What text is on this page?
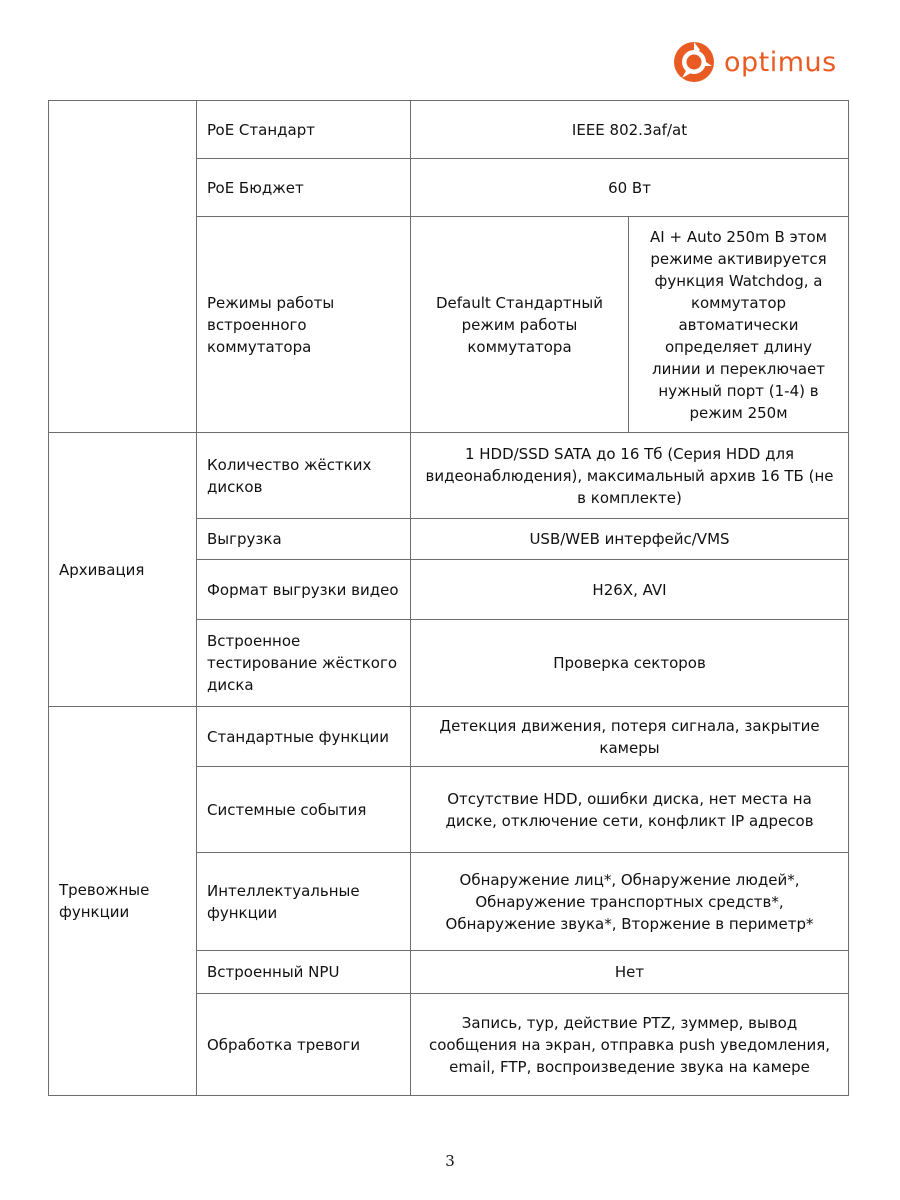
optimus
	PoE Стандарт	IEEE 802.3af/at	
	PoE Бюджет	60 Вт	
	Режимы работы встроенного коммутатора	Default Стандартный режим работы коммутатора	AI + Auto 250m В этом режиме активируется функция Watchdog, а коммутатор автоматически определяет длину линии и переключает нужный порт (1-4) в режим 250м
Архивация	Количество жёстких дисков	1 HDD/SSD SATA до 16 Тб (Серия HDD для видеонаблюдения), максимальный архив 16 ТБ (не в комплекте)	
	Выгрузка	USB/WEB интерфейс/VMS	
	Формат выгрузки видео	H26X, AVI	
	Встроенное тестирование жёсткого диска	Проверка секторов	
Тревожные функции	Стандартные функции	Детекция движения, потеря сигнала, закрытие камеры	
	Системные события	Отсутствие HDD, ошибки диска, нет места на диске, отключение сети, конфликт IP адресов	
	Интеллектуальные функции	Обнаружение лиц*, Обнаружение людей*, Обнаружение транспортных средств*, Обнаружение звука*, Вторжение в периметр*	
	Встроенный NPU	Нет	
	Обработка тревоги	Запись, тур, действие PTZ, зуммер, вывод сообщения на экран, отправка push уведомления, email, FTP, воспроизведение звука на камере	
3
